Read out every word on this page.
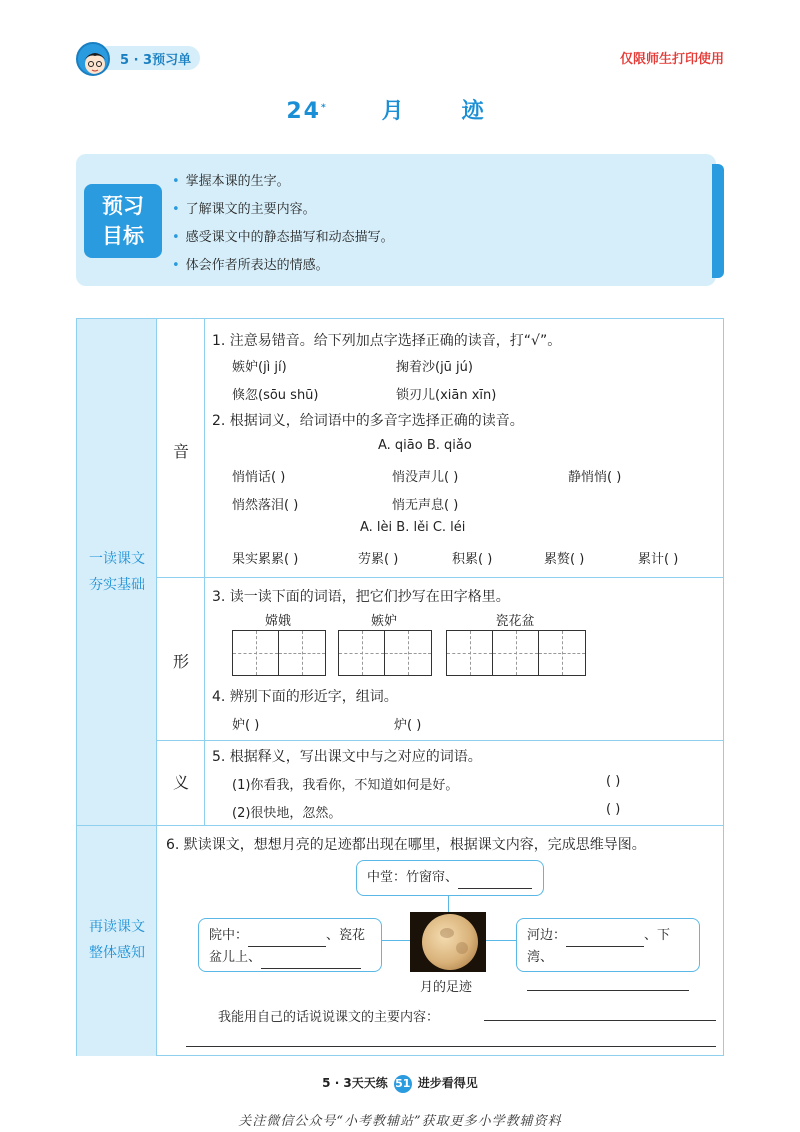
5 · 3预习单	仅限师生打印使用
24* 月	迹
• 掌握本课的生字。
• 了解课文的主要内容。
• 感受课文中的静态描写和动态描写。
• 体会作者所表达的情感。
预习
目标
一读课文
夯实基础
再读课文
整体感知
音
形
义
1. 注意易错音。给下列加点字选择正确的读音，打“√”。
嫉妒(jì jí)	掬着沙(jū jú)
倏忽(sōu shū)	锁刃儿(xiān xīn)
2. 根据词义，给词语中的多音字选择正确的读音。
A. qiāo B. qiǎo
悄悄话( )	悄没声儿( )	静悄悄( )
悄然落泪( )	悄无声息( )
A. lèi B. lěi C. léi
果实累累( )	劳累( )	积累( )	累赘( )	累计( )
3. 读一读下面的词语，把它们抄写在田字格里。
嫦娥	嫉妒	瓷花盆
4. 辨别下面的形近字，组词。
妒( )	炉( )
5. 根据释义，写出课文中与之对应的词语。
(1)你看我，我看你，不知道如何是好。	( )
(2)很快地，忽然。	( )
6. 默读课文，想想月亮的足迹都出现在哪里，根据课文内容，完成思维导图。
中堂：竹窗帘、
院中：	、瓷花
盆儿上、
河边：	、下湾、
月的足迹
我能用自己的话说说课文的主要内容：
5 · 3天天练 51 进步看得见
关注微信公众号“小考教辅站”获取更多小学教辅资料
